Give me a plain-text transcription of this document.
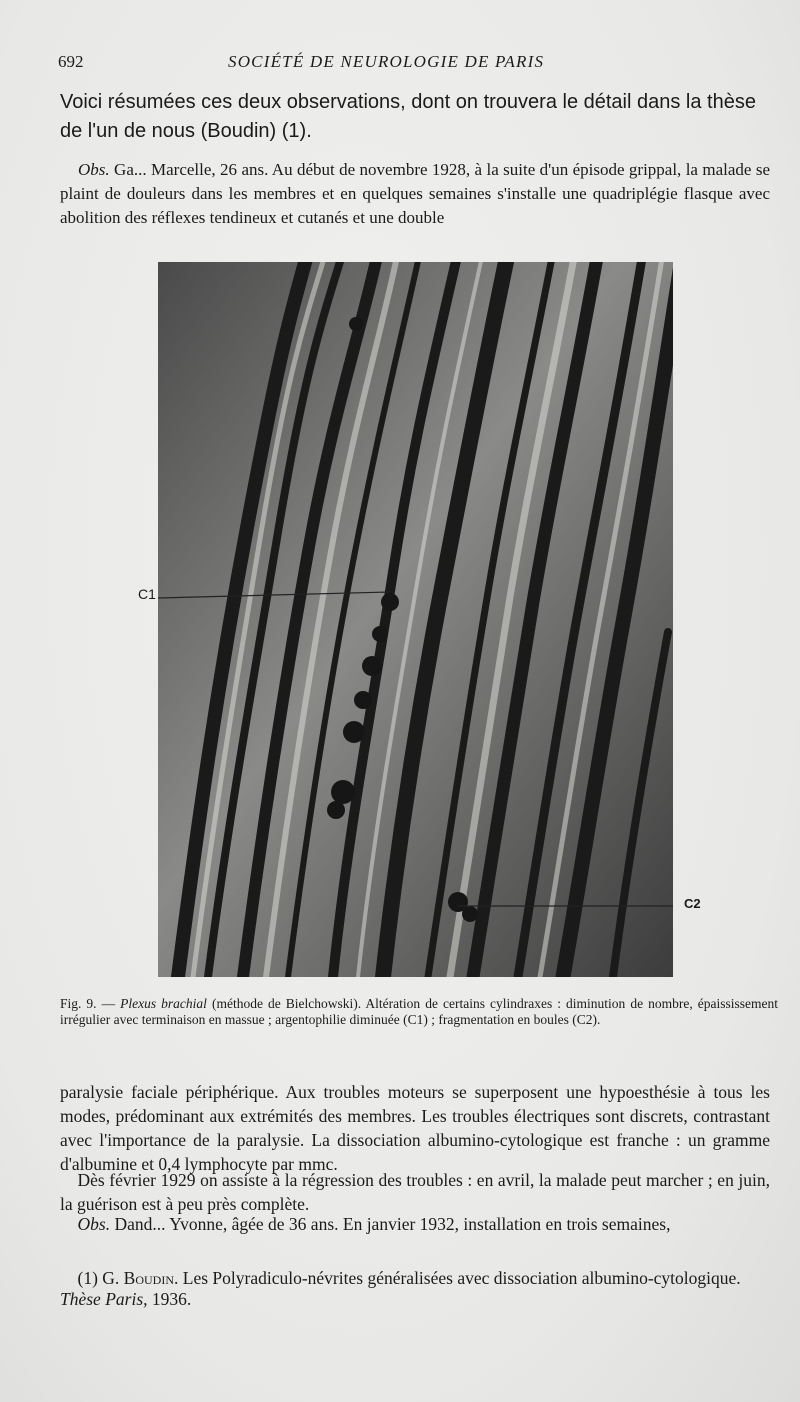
692	SOCIÉTÉ DE NEUROLOGIE DE PARIS
Voici résumées ces deux observations, dont on trouvera le détail dans la thèse de l'un de nous (Boudin) (1).
Obs. Ga... Marcelle, 26 ans. Au début de novembre 1928, à la suite d'un épisode grippal, la malade se plaint de douleurs dans les membres et en quelques semaines s'installe une quadriplégie flasque avec abolition des réflexes tendineux et cutanés et une double
C1
C2
Fig. 9. — Plexus brachial (méthode de Bielchowski). Altération de certains cylindraxes : diminution de nombre, épaississement irrégulier avec terminaison en massue ; argentophilie diminuée (C1) ; fragmentation en boules (C2).
paralysie faciale périphérique. Aux troubles moteurs se superposent une hypoesthésie à tous les modes, prédominant aux extrémités des membres. Les troubles électriques sont discrets, contrastant avec l'importance de la paralysie. La dissociation albumino-cytologique est franche : un gramme d'albumine et 0,4 lymphocyte par mmc.
 Dès février 1929 on assiste à la régression des troubles : en avril, la malade peut marcher ; en juin, la guérison est à peu près complète.
 Obs. Dand... Yvonne, âgée de 36 ans. En janvier 1932, installation en trois semaines,
 (1) G. Boudin. Les Polyradiculo-névrites généralisées avec dissociation albumino-cytologique. Thèse Paris, 1936.
